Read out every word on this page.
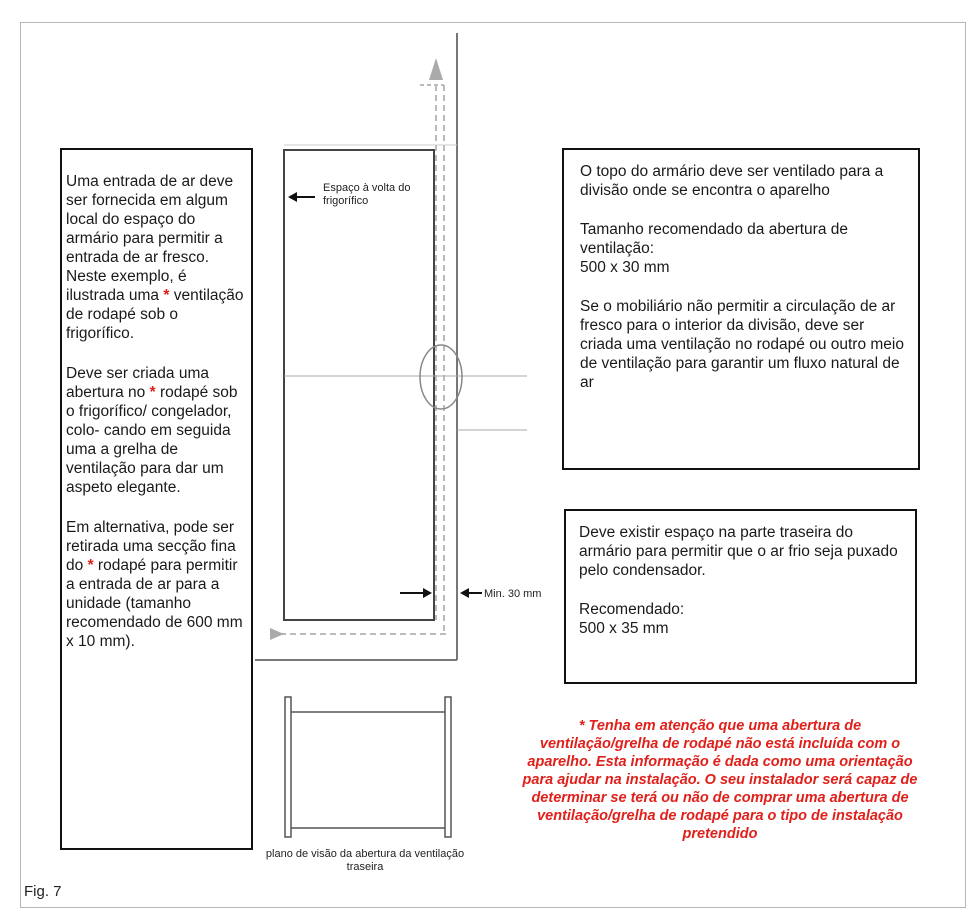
Uma entrada de ar deve ser fornecida em algum local do espaço do armário para permitir a entrada de ar fresco. Neste exemplo, é ilustrada uma * ventilação de rodapé sob o frigorífico.

Deve ser criada uma abertura no * rodapé sob o frigorífico/ congelador, colo- cando em seguida uma a grelha de ventilação para dar um aspeto elegante.

Em alternativa, pode ser retirada uma secção fina do * rodapé para permitir a entrada de ar para a unidade (tamanho recomendado de 600 mm x 10 mm).

O topo do armário deve ser ventilado para a divisão onde se encontra o aparelho

Tamanho recomendado da abertura de ventilação:
500 x 30 mm

Se o mobiliário não permitir a circulação de ar fresco para o interior da divisão, deve ser criada uma ventilação no rodapé ou outro meio de ventilação para garantir um fluxo natural de ar

Deve existir espaço na parte traseira do armário para permitir que o ar frio seja puxado pelo condensador.

Recomendado:
500 x 35 mm

Espaço à volta do frigorífico
Min. 30 mm
plano de visão da abertura da ventilação traseira
* Tenha em atenção que uma abertura de ventilação/grelha de rodapé não está incluída com o aparelho. Esta informação é dada como uma orientação para ajudar na instalação. O seu instalador será capaz de determinar se terá ou não de comprar uma abertura de ventilação/grelha de rodapé para o tipo de instalação pretendido
Fig. 7
